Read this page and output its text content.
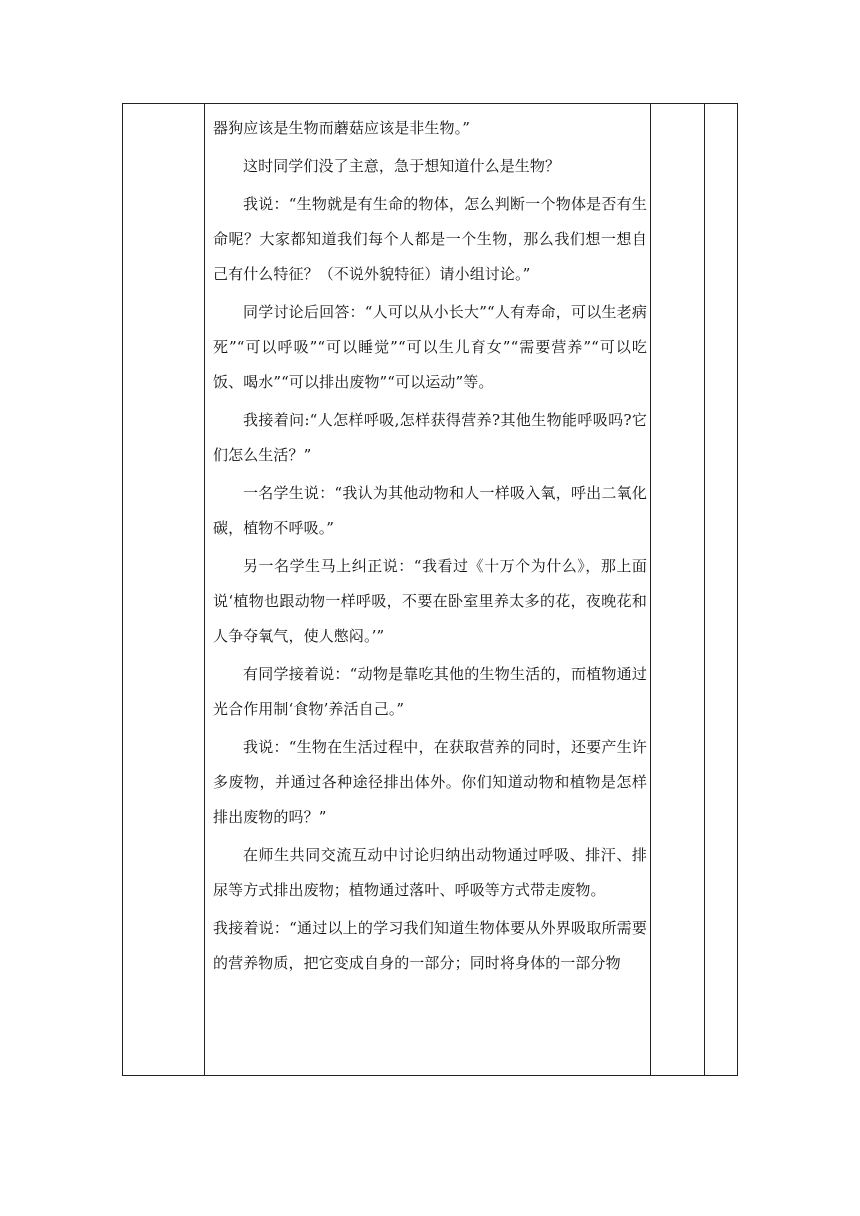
器狗应该是生物而蘑菇应该是非生物。”

这时同学们没了主意，急于想知道什么是生物？

我说：“生物就是有生命的物体，怎么判断一个物体是否有生命呢？大家都知道我们每个人都是一个生物，那么我们想一想自己有什么特征？（不说外貌特征）请小组讨论。”

同学讨论后回答：“人可以从小长大”“人有寿命，可以生老病死”“可以呼吸”“可以睡觉”“可以生儿育女”“需要营养”“可以吃饭、喝水”“可以排出废物”“可以运动”等。

我接着问:“人怎样呼吸,怎样获得营养?其他生物能呼吸吗?它们怎么生活？”

一名学生说：“我认为其他动物和人一样吸入氧，呼出二氧化碳，植物不呼吸。”

另一名学生马上纠正说：“我看过《十万个为什么》，那上面说‘植物也跟动物一样呼吸，不要在卧室里养太多的花，夜晚花和人争夺氧气，使人憋闷。’”

有同学接着说：“动物是靠吃其他的生物生活的，而植物通过光合作用制‘食物’养活自己。”

我说：“生物在生活过程中，在获取营养的同时，还要产生许多废物，并通过各种途径排出体外。你们知道动物和植物是怎样排出废物的吗？”

在师生共同交流互动中讨论归纳出动物通过呼吸、排汗、排尿等方式排出废物；植物通过落叶、呼吸等方式带走废物。

我接着说：“通过以上的学习我们知道生物体要从外界吸取所需要的营养物质，把它变成自身的一部分；同时将身体的一部分物
